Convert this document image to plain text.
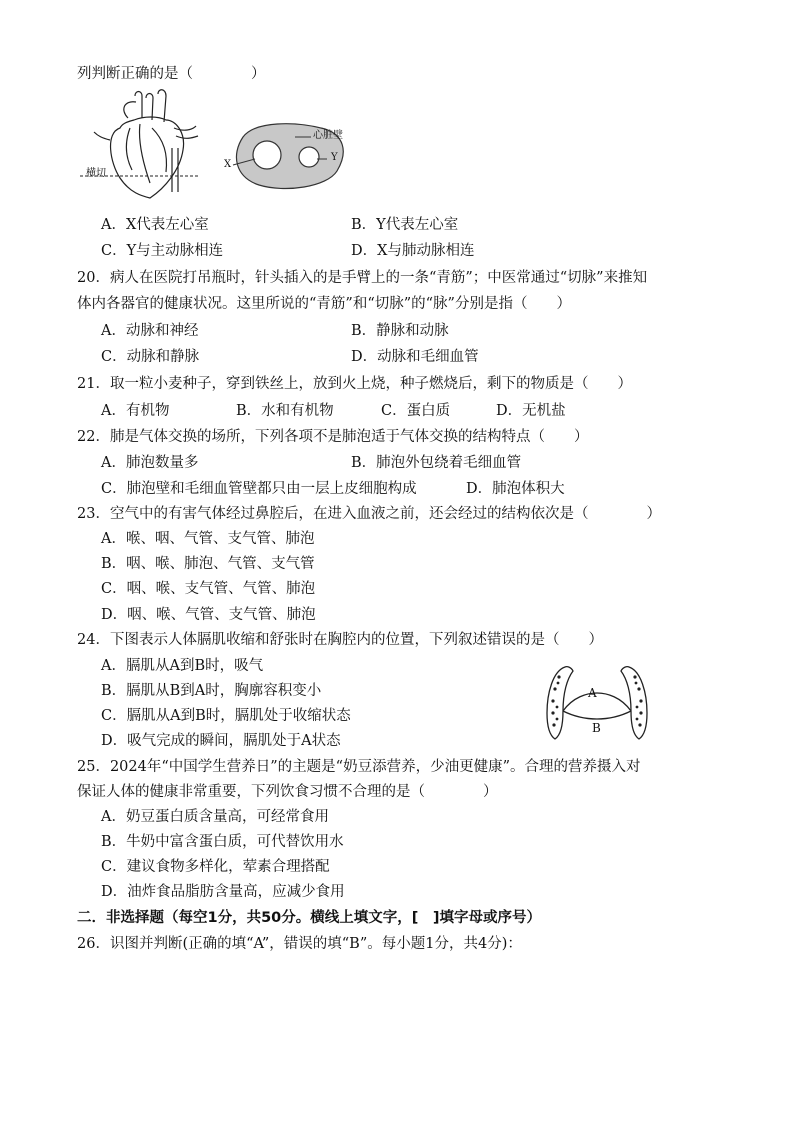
列判断正确的是（　　　　）
横切
心脏壁
X
Y
A．X代表左心室	B．Y代表左心室
C．Y与主动脉相连	D．X与肺动脉相连
20．病人在医院打吊瓶时，针头插入的是手臂上的一条“青筋”；中医常通过“切脉”来推知
体内各器官的健康状况。这里所说的“青筋”和“切脉”的“脉”分别是指（　　）
A．动脉和神经	B．静脉和动脉
C．动脉和静脉	D．动脉和毛细血管
21．取一粒小麦种子，穿到铁丝上，放到火上烧，种子燃烧后，剩下的物质是（　　）
A．有机物	B．水和有机物	C．蛋白质	D．无机盐
22．肺是气体交换的场所，下列各项不是肺泡适于气体交换的结构特点（　　）
A．肺泡数量多	B．肺泡外包绕着毛细血管
C．肺泡壁和毛细血管壁都只由一层上皮细胞构成	D．肺泡体积大
23．空气中的有害气体经过鼻腔后，在进入血液之前，还会经过的结构依次是（　　　　）
A．喉、咽、气管、支气管、肺泡
B．咽、喉、肺泡、气管、支气管
C．咽、喉、支气管、气管、肺泡
D．咽、喉、气管、支气管、肺泡
24．下图表示人体膈肌收缩和舒张时在胸腔内的位置，下列叙述错误的是（　　）
A．膈肌从A到B时，吸气
B．膈肌从B到A时，胸廓容积变小
C．膈肌从A到B时，膈肌处于收缩状态
D．吸气完成的瞬间，膈肌处于A状态
A
B
25．2024年“中国学生营养日”的主题是“奶豆添营养，少油更健康”。合理的营养摄入对
保证人体的健康非常重要，下列饮食习惯不合理的是（　　　　）
A．奶豆蛋白质含量高，可经常食用
B．牛奶中富含蛋白质，可代替饮用水
C．建议食物多样化，荤素合理搭配
D．油炸食品脂肪含量高，应减少食用
二．非选择题（每空1分，共50分。横线上填文字，[　]填字母或序号）
26．识图并判断(正确的填“A”，错误的填“B”。每小题1分，共4分)：
